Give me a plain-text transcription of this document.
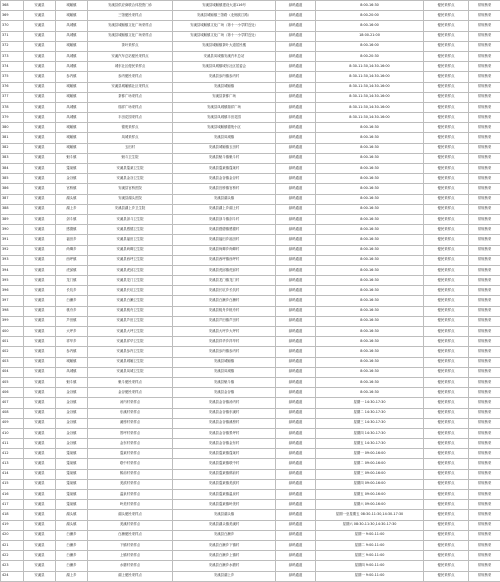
368	安溪县	城厢镇	安溪县供应商联合体投资门诊	安溪县城厢镇建设大道116号	绿码通道	8:00-16:30	便民采样点	常规核采
369	安溪县	城厢镇	三馆便民采样点	安溪县城厢镇三馆路（北侧滨江路）	绿码通道	8:00-20:00	便民采样点	常规核采
370	安溪县	凤城镇	安溪县城厢镇文化广场采样点	安溪县城厢镇文化广场（第十一小学附近处）	绿码通道	8:00-16:00	便民采样点	常规核采
371	安溪县	凤城镇	安溪县城厢镇文化广场采样点	安溪县城厢镇文化广场（第十一小学附近处）	绿码通道	18:00-21:00	便民采样点	常规核采
372	安溪县	城厢镇	茶叶采样点	安溪县城厢镇茶叶大道居民楼	绿码通道	8:00-16:00	便民采样点	常规核采
373	安溪县	凤城镇	安溪汽车总站便民采样点	安溪县凤城镇安溪汽车总站	绿码通道	8:00-20:30	便民采样点	常规核采
374	安溪县	凤城镇	城东社区便民采样点	安溪县凤城镇城东社区居委会	绿码通道	8:30-11:30,14:30-16:00	便民采样点	常规核采
375	安溪县	参内镇	参内便民采样点	安溪县参内镇参内村	绿码通道	8:30-11:30,14:30-16:00	便民采样点	常规核采
376	安溪县	城厢镇	安溪县城厢镇社区采样点	安溪县城厢镇	绿码通道	8:30-11:30,14:30-16:00	便民采样点	常规核采
377	安溪县	城厢镇	茶都广场采样点	安溪县茶都广场	绿码通道	8:30-11:30,14:30-16:00	便民采样点	常规核采
378	安溪县	凤城镇	瑞祥广场采样点	安溪县凤城镇瑞祥广场	绿码通道	8:30-11:30,14:30-16:00	便民采样点	常规核采
379	安溪县	凤城镇	丰田花园采样点	安溪县凤城镇丰田花园	绿码通道	8:30-11:30,14:30-16:00	便民采样点	常规核采
380	安溪县	城厢镇	德苑采样点	安溪县城厢镇德苑小区	绿码通道	8:00-16:30	便民采样点	常规核采
381	安溪县	城厢镇	凤城采样点	安溪县凤城镇	绿码通道	8:00-16:30	便民采样点	常规核采
382	安溪县	城厢镇	玉田村	安溪县城厢镇玉田村	绿码通道	8:00-16:30	便民采样点	常规核采
383	安溪县	魁斗镇	魁斗卫生院	安溪县魁斗镇魁斗村	绿码通道	8:00-16:30	便民采样点	常规核采
384	安溪县	蓬莱镇	安溪县蓬莱卫生院	安溪县蓬莱镇蓬莱村	绿码通道	8:00-16:30	便民采样点	常规核采
385	安溪县	金谷镇	安溪县金谷卫生院	安溪县金谷镇金谷村	绿码通道	8:00-16:30	便民采样点	常规核采
386	安溪县	官桥镇	安溪县官桥医院	安溪县官桥镇官桥村	绿码通道	8:00-16:30	便民采样点	常规核采
387	安溪县	湖头镇	安溪县湖头医院	安溪县湖头镇	绿码通道	8:00-16:30	便民采样点	常规核采
388	安溪县	湖上乡	安溪县湖上乡卫生院	安溪县湖上乡湖上村	绿码通道	8:00-16:30	便民采样点	常规核采
389	安溪县	剑斗镇	安溪县剑斗卫生院	安溪县剑斗镇剑斗村	绿码通道	8:00-16:30	便民采样点	常规核采
390	安溪县	感德镇	安溪县感德卫生院	安溪县感德镇感德村	绿码通道	8:00-16:30	便民采样点	常规核采
391	安溪县	福田乡	安溪县福田卫生院	安溪县福田乡福田村	绿码通道	8:00-16:30	便民采样点	常规核采
392	安溪县	尚卿乡	安溪县尚卿卫生院	安溪县尚卿乡尚卿村	绿码通道	8:00-16:30	便民采样点	常规核采
393	安溪县	西坪镇	安溪县西坪卫生院	安溪县西坪镇西坪村	绿码通道	8:00-16:30	便民采样点	常规核采
394	安溪县	虎邱镇	安溪县虎邱卫生院	安溪县虎邱镇虎邱村	绿码通道	8:00-16:30	便民采样点	常规核采
395	安溪县	龙门镇	安溪县龙门卫生院	安溪县龙门镇龙门村	绿码通道	8:00-16:30	便民采样点	常规核采
396	安溪县	长坑乡	安溪县长坑卫生院	安溪县长坑乡长坑村	绿码通道	8:00-16:30	便民采样点	常规核采
397	安溪县	白濑乡	安溪县白濑卫生院	安溪县白濑乡白濑村	绿码通道	8:00-16:30	便民采样点	常规核采
398	安溪县	桃舟乡	安溪县桃舟卫生院	安溪县桃舟乡桃舟村	绿码通道	8:00-16:30	便民采样点	常规核采
399	安溪县	芦田镇	安溪县芦田卫生院	安溪县芦田镇芦田村	绿码通道	8:00-16:30	便民采样点	常规核采
400	安溪县	大坪乡	安溪县大坪卫生院	安溪县大坪乡大坪村	绿码通道	8:00-16:30	便民采样点	常规核采
401	安溪县	祥华乡	安溪县祥华卫生院	安溪县祥华乡祥华村	绿码通道	8:00-16:30	便民采样点	常规核采
402	安溪县	参内镇	安溪县参内卫生院	安溪县参内镇参内村	绿码通道	8:00-16:30	便民采样点	常规核采
403	安溪县	城厢镇	安溪县城厢卫生院	安溪县城厢镇	绿码通道	8:00-16:30	便民采样点	常规核采
404	安溪县	凤城镇	安溪县凤城卫生院	安溪县凤城镇	绿码通道	8:00-16:30	便民采样点	常规核采
405	安溪县	魁斗镇	魁斗便民采样点	安溪县魁斗镇	绿码通道	8:00-16:30	便民采样点	常规核采
406	安溪县	金谷镇	金谷便民采样点	安溪县金谷镇	绿码通道	8:00-16:30	便民采样点	常规核采
407	安溪县	金谷镇	汤内村采样点	安溪县金谷镇汤内村	绿码通道	星期一 14:30-17:30	便民采样点	常规核采
408	安溪县	金谷镇	东溪村采样点	安溪县金谷镇东溪村	绿码通道	星期二 14:30-17:30	便民采样点	常规核采
409	安溪县	金谷镇	溪榜村采样点	安溪县金谷镇溪榜村	绿码通道	星期三 14:30-17:30	便民采样点	常规核采
410	安溪县	金谷镇	景坪村采样点	安溪县金谷镇景坪村	绿码通道	星期四 14:30-17:30	便民采样点	常规核采
411	安溪县	金谷镇	金东村采样点	安溪县金谷镇金东村	绿码通道	星期五 14:30-17:30	便民采样点	常规核采
412	安溪县	蓬莱镇	蓬莱村采样点	安溪县蓬莱镇蓬莱村	绿码通道	星期一 09:00-16:00	便民采样点	常规核采
413	安溪县	蓬莱镇	联中村采样点	安溪县蓬莱镇联中村	绿码通道	星期二 09:00-16:00	便民采样点	常规核采
414	安溪县	蓬莱镇	鹤前村采样点	安溪县蓬莱镇鹤前村	绿码通道	星期三 09:00-16:00	便民采样点	常规核采
415	安溪县	蓬莱镇	美滨村采样点	安溪县蓬莱镇美滨村	绿码通道	星期四 09:00-16:00	便民采样点	常规核采
416	安溪县	蓬莱镇	温泉村采样点	安溪县蓬莱镇温泉村	绿码通道	星期五 09:00-16:00	便民采样点	常规核采
417	安溪县	蓬莱镇	岭美村采样点	安溪县蓬莱镇岭美村	绿码通道	星期六 09:00-16:00	便民采样点	常规核采
418	安溪县	湖头镇	湖头便民采样点	安溪县湖头镇	绿码通道	星期一至星期五 08:30-11:30,14:30-17:30	便民采样点	常规核采
419	安溪县	湖头镇	美溪村采样点	安溪县湖头镇美溪村	绿码通道	星期六 08:30-11:30,14:30-17:30	便民采样点	常规核采
420	安溪县	白濑乡	白濑便民采样点	安溪县白濑乡	绿码通道	星期一 9:00-11:00	便民采样点	常规核采
421	安溪县	白濑乡	下镇村采样点	安溪县白濑乡下镇村	绿码通道	星期二 9:00-11:00	便民采样点	常规核采
422	安溪县	白濑乡	上镇村采样点	安溪县白濑乡上镇村	绿码通道	星期三 9:00-11:00	便民采样点	常规核采
423	安溪县	白濑乡	水磨村采样点	安溪县白濑乡水磨村	绿码通道	星期四 9:00-11:00	便民采样点	常规核采
424	安溪县	湖上乡	湖上便民采样点	安溪县湖上乡	绿码通道	星期一 9:00-11:00	便民采样点	常规核采
